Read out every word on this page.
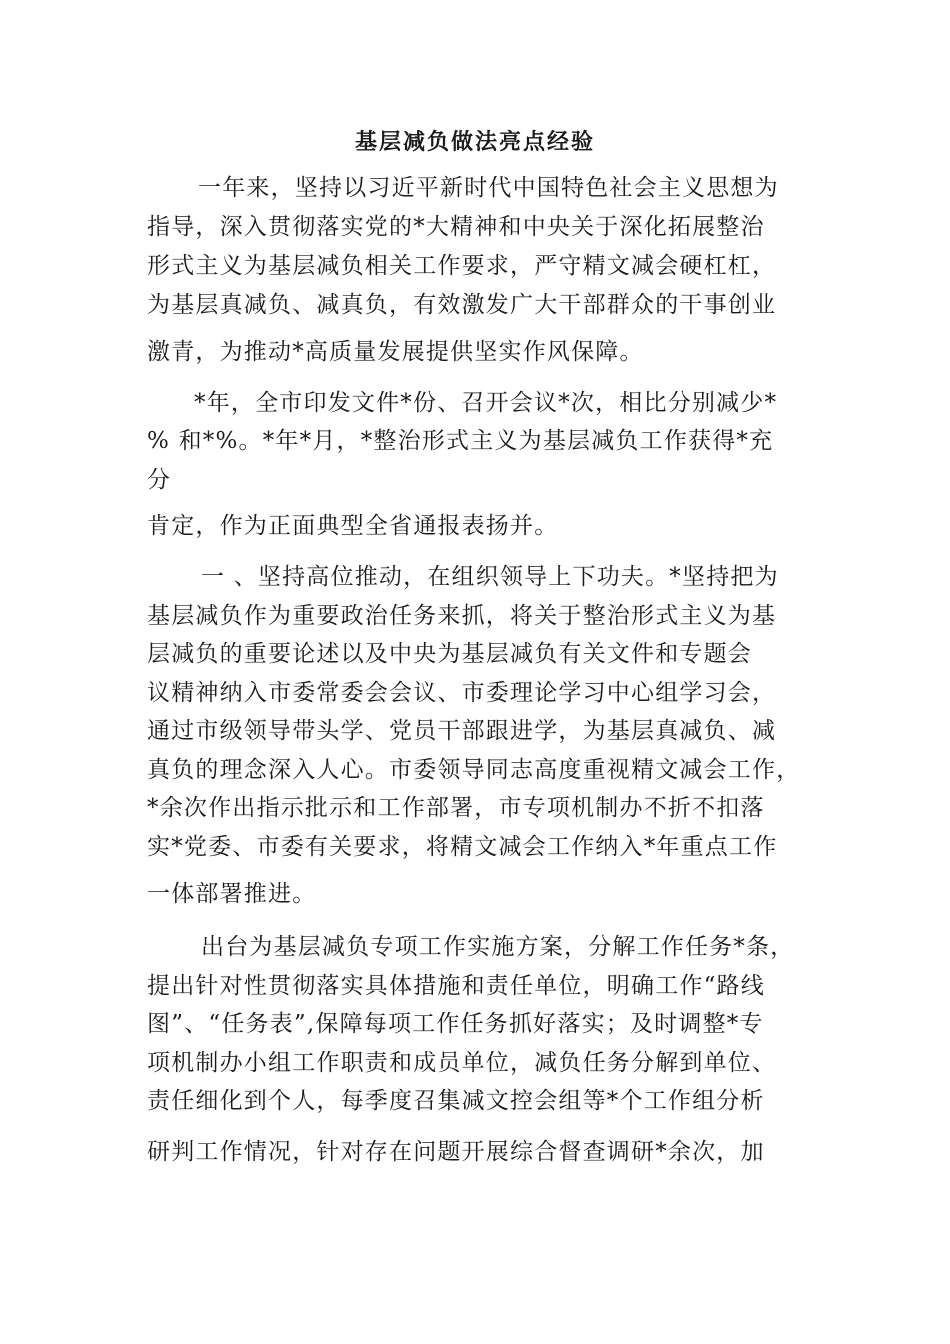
基层减负做法亮点经验

一年来，坚持以习近平新时代中国特色社会主义思想为

指导，深入贯彻落实党的*大精神和中央关于深化拓展整治

形式主义为基层减负相关工作要求，严守精文减会硬杠杠，

为基层真减负、减真负，有效激发广大干部群众的干事创业

激青，为推动*高质量发展提供坚实作风保障。

*年，全市印发文件*份、召开会议*次，相比分别减少*

% 和*%。*年*月，*整治形式主义为基层减负工作获得*充

分

肯定，作为正面典型全省通报表扬并。

一 、坚持高位推动，在组织领导上下功夫。*坚持把为

基层减负作为重要政治任务来抓，将关于整治形式主义为基

层减负的重要论述以及中央为基层减负有关文件和专题会

议精神纳入市委常委会会议、市委理论学习中心组学习会，

通过市级领导带头学、党员干部跟进学，为基层真减负、减

真负的理念深入人心。市委领导同志高度重视精文减会工作，

*余次作出指示批示和工作部署，市专项机制办不折不扣落

实*党委、市委有关要求，将精文减会工作纳入*年重点工作

一体部署推进。

出台为基层减负专项工作实施方案，分解工作任务*条，

提出针对性贯彻落实具体措施和责任单位，明确工作“路线

图”、“任务表”,保障每项工作任务抓好落实；及时调整*专

项机制办小组工作职责和成员单位，减负任务分解到单位、

责任细化到个人，每季度召集减文控会组等*个工作组分析

研判工作情况，针对存在问题开展综合督查调研*余次，加
